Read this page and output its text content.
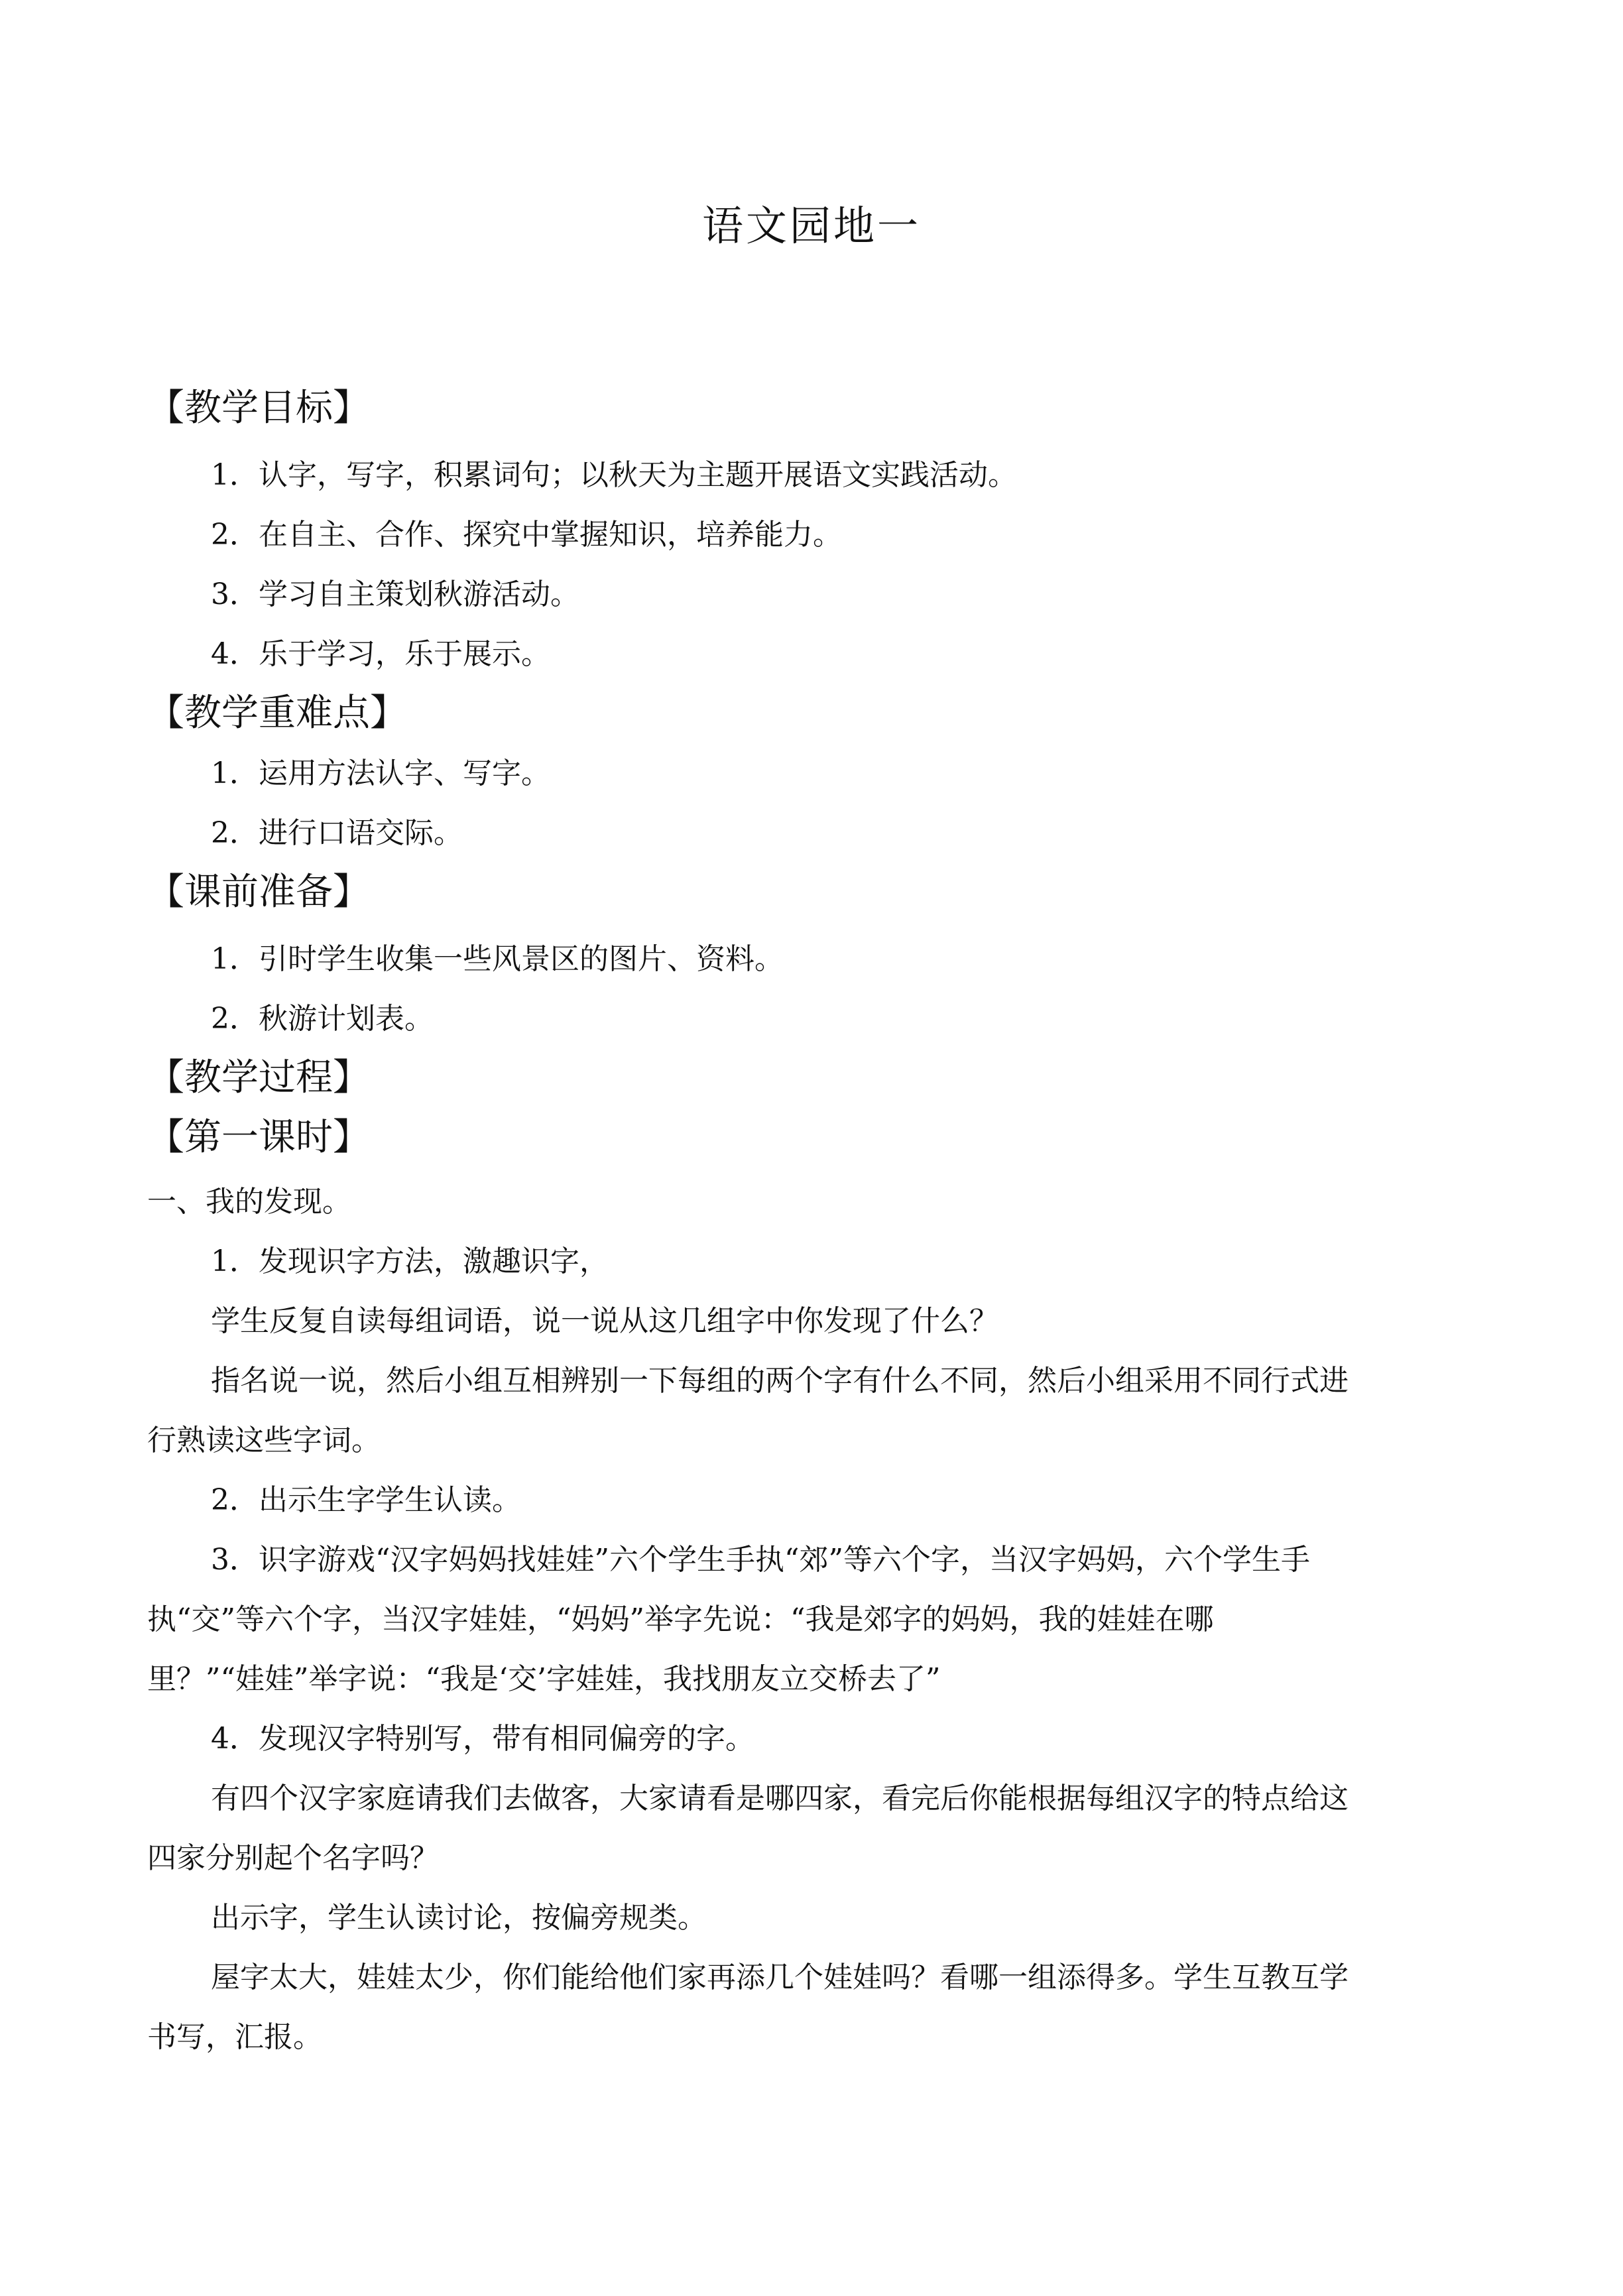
语文园地一
【教学目标】
1．认字，写字，积累词句；以秋天为主题开展语文实践活动。
2．在自主、合作、探究中掌握知识，培养能力。
3．学习自主策划秋游活动。
4．乐于学习，乐于展示。
【教学重难点】
1．运用方法认字、写字。
2．进行口语交际。
【课前准备】
1．引时学生收集一些风景区的图片、资料。
2．秋游计划表。
【教学过程】
【第一课时】
一、我的发现。
1．发现识字方法，激趣识字，
学生反复自读每组词语，说一说从这几组字中你发现了什么？
指名说一说，然后小组互相辨别一下每组的两个字有什么不同，然后小组采用不同行式进
行熟读这些字词。
2．出示生字学生认读。
3．识字游戏“汉字妈妈找娃娃”六个学生手执“郊”等六个字，当汉字妈妈，六个学生手
执“交”等六个字，当汉字娃娃，“妈妈”举字先说：“我是郊字的妈妈，我的娃娃在哪
里？”“娃娃”举字说：“我是‘交’字娃娃，我找朋友立交桥去了”
4．发现汉字特别写，带有相同偏旁的字。
有四个汉字家庭请我们去做客，大家请看是哪四家，看完后你能根据每组汉字的特点给这
四家分别起个名字吗？
出示字，学生认读讨论，按偏旁规类。
屋字太大，娃娃太少，你们能给他们家再添几个娃娃吗？看哪一组添得多。学生互教互学
书写，汇报。
